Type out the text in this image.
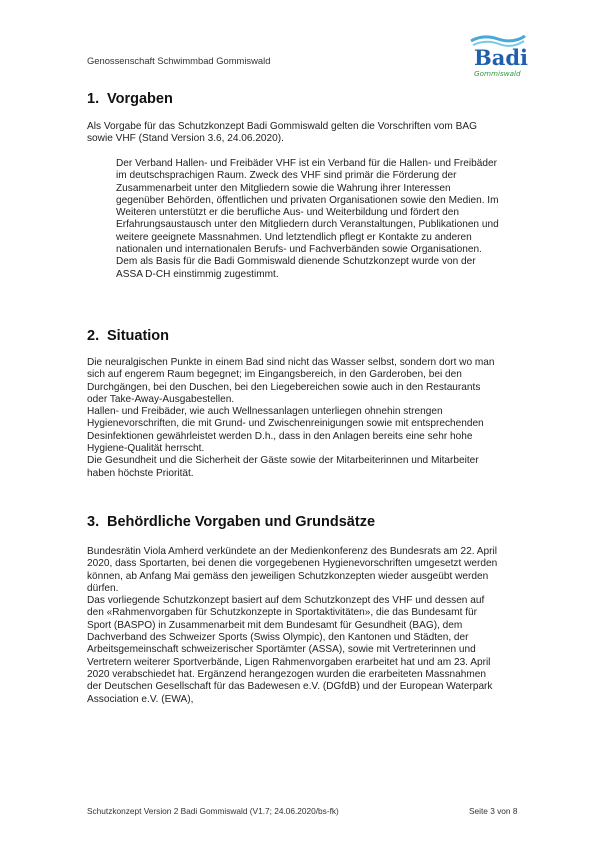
Genossenschaft Schwimmbad Gommiswald	Badi
Gommiswald
1. Vorgaben
Als Vorgabe für das Schutzkonzept Badi Gommiswald gelten die Vorschriften vom BAG
sowie VHF (Stand Version 3.6, 24.06.2020).
Der Verband Hallen- und Freibäder VHF ist ein Verband für die Hallen- und Freibäder
im deutschsprachigen Raum. Zweck des VHF sind primär die Förderung der
Zusammenarbeit unter den Mitgliedern sowie die Wahrung ihrer Interessen
gegenüber Behörden, öffentlichen und privaten Organisationen sowie den Medien. Im
Weiteren unterstützt er die berufliche Aus- und Weiterbildung und fördert den
Erfahrungsaustausch unter den Mitgliedern durch Veranstaltungen, Publikationen und
weitere geeignete Massnahmen. Und letztendlich pflegt er Kontakte zu anderen
nationalen und internationalen Berufs- und Fachverbänden sowie Organisationen.
Dem als Basis für die Badi Gommiswald dienende Schutzkonzept wurde von der
ASSA D-CH einstimmig zugestimmt.
2. Situation
Die neuralgischen Punkte in einem Bad sind nicht das Wasser selbst, sondern dort wo man
sich auf engerem Raum begegnet; im Eingangsbereich, in den Garderoben, bei den
Durchgängen, bei den Duschen, bei den Liegebereichen sowie auch in den Restaurants
oder Take-Away-Ausgabestellen.
Hallen- und Freibäder, wie auch Wellnessanlagen unterliegen ohnehin strengen
Hygienevorschriften, die mit Grund- und Zwischenreinigungen sowie mit entsprechenden
Desinfektionen gewährleistet werden D.h., dass in den Anlagen bereits eine sehr hohe
Hygiene-Qualität herrscht.
Die Gesundheit und die Sicherheit der Gäste sowie der Mitarbeiterinnen und Mitarbeiter
haben höchste Priorität.
3. Behördliche Vorgaben und Grundsätze
Bundesrätin Viola Amherd verkündete an der Medienkonferenz des Bundesrats am 22. April
2020, dass Sportarten, bei denen die vorgegebenen Hygienevorschriften umgesetzt werden
können, ab Anfang Mai gemäss den jeweiligen Schutzkonzepten wieder ausgeübt werden
dürfen.
Das vorliegende Schutzkonzept basiert auf dem Schutzkonzept des VHF und dessen auf
den «Rahmenvorgaben für Schutzkonzepte in Sportaktivitäten», die das Bundesamt für
Sport (BASPO) in Zusammenarbeit mit dem Bundesamt für Gesundheit (BAG), dem
Dachverband des Schweizer Sports (Swiss Olympic), den Kantonen und Städten, der
Arbeitsgemeinschaft schweizerischer Sportämter (ASSA), sowie mit Vertreterinnen und
Vertretern weiterer Sportverbände, Ligen Rahmenvorgaben erarbeitet hat und am 23. April
2020 verabschiedet hat. Ergänzend herangezogen wurden die erarbeiteten Massnahmen
der Deutschen Gesellschaft für das Badewesen e.V. (DGfdB) und der European Waterpark
Association e.V. (EWA),
Schutzkonzept Version 2 Badi Gommiswald (V1.7; 24.06.2020/bs-fk)	Seite 3 von 8
